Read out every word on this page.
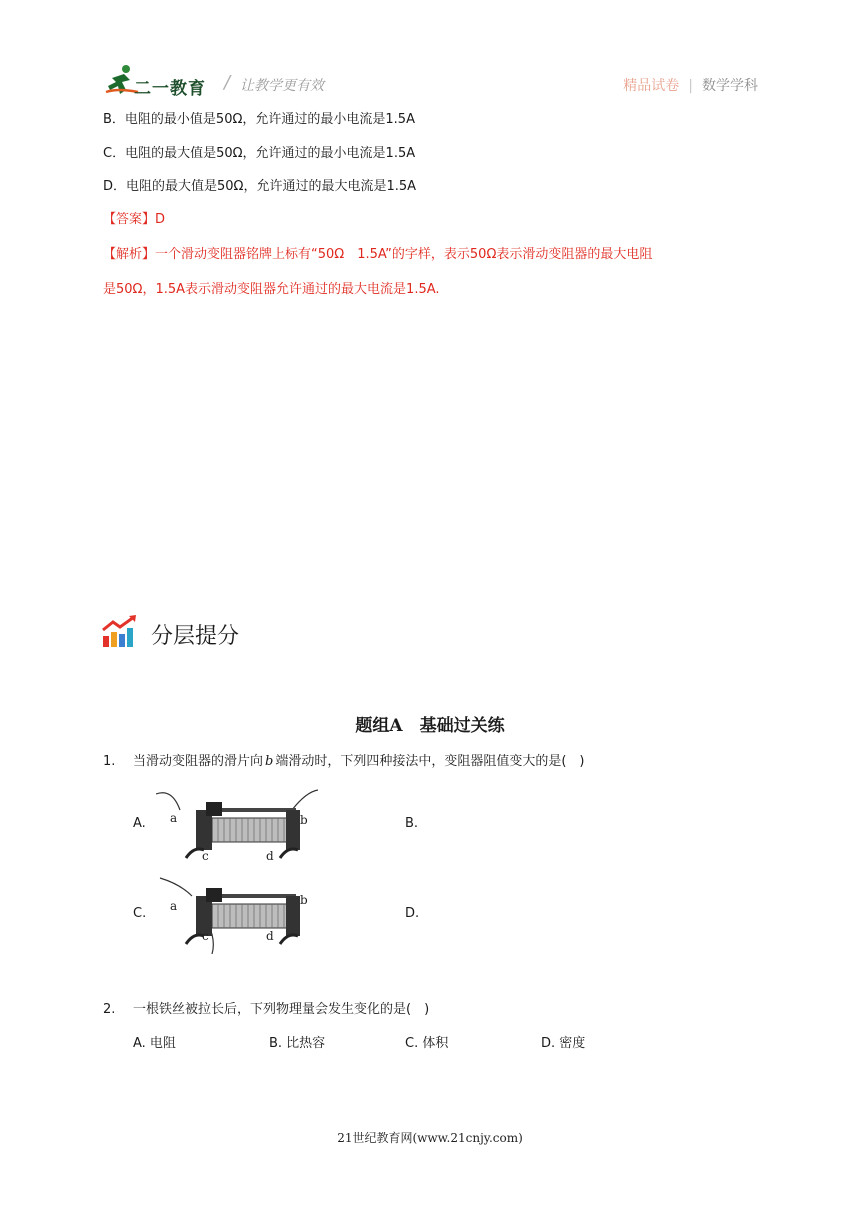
二一教育 / 让教学更有效	精品试卷 | 数学学科
B．电阻的最小值是50Ω，允许通过的最小电流是1.5A
C．电阻的最大值是50Ω，允许通过的最小电流是1.5A
D．电阻的最大值是50Ω，允许通过的最大电流是1.5A
【答案】D
【解析】一个滑动变阻器铭牌上标有“50Ω　1.5A”的字样，表示50Ω表示滑动变阻器的最大电阻
是50Ω，1.5A表示滑动变阻器允许通过的最大电流是1.5A.
分层提分
题组A　基础过关练
1. 当滑动变阻器的滑片向 b 端滑动时，下列四种接法中，变阻器阻值变大的是(　)
A. a	b
c	d
B.
C. a	b
c	d
D.
2. 一根铁丝被拉长后，下列物理量会发生变化的是(　)
A. 电阻	B. 比热容	C. 体积	D. 密度
21世纪教育网(www.21cnjy.com)
